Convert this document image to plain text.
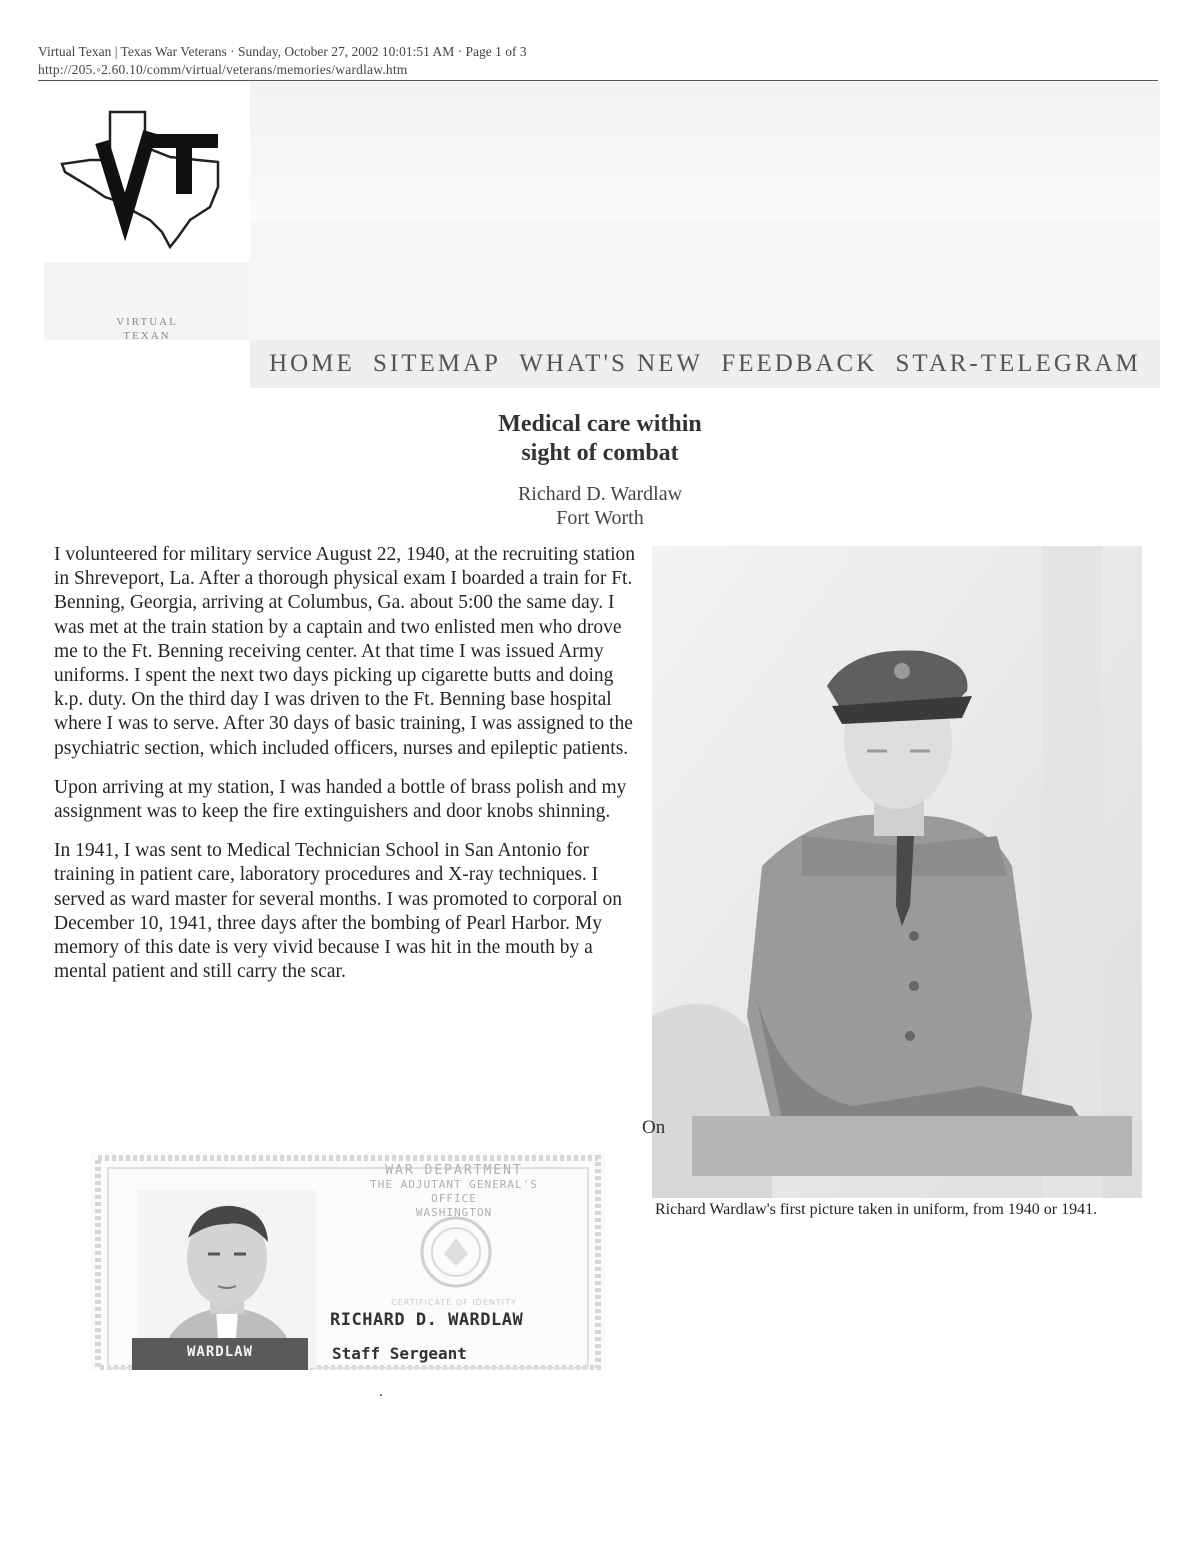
Virtual Texan | Texas War Veterans · Sunday, October 27, 2002 10:01:51 AM · Page 1 of 3
http://205.◦2.60.10/comm/virtual/veterans/memories/wardlaw.htm
VIRTUAL
TEXAN
HOME SITEMAP WHAT'S NEW FEEDBACK STAR-TELEGRAM
Medical care within
sight of combat
Richard D. Wardlaw
Fort Worth

I volunteered for military service August 22, 1940, at the recruiting station in Shreveport, La. After a thorough physical exam I boarded a train for Ft. Benning, Georgia, arriving at Columbus, Ga. about 5:00 the same day. I was met at the train station by a captain and two enlisted men who drove me to the Ft. Benning receiving center. At that time I was issued Army uniforms. I spent the next two days picking up cigarette butts and doing k.p. duty. On the third day I was driven to the Ft. Benning base hospital where I was to serve. After 30 days of basic training, I was assigned to the psychiatric section, which included officers, nurses and epileptic patients.

Upon arriving at my station, I was handed a bottle of brass polish and my assignment was to keep the fire extinguishers and door knobs shinning.

In 1941, I was sent to Medical Technician School in San Antonio for training in patient care, laboratory procedures and X-ray techniques. I served as ward master for several months. I was promoted to corporal on December 10, 1941, three days after the bombing of Pearl Harbor. My memory of this date is very vivid because I was hit in the mouth by a mental patient and still carry the scar.

On
Richard Wardlaw's first picture taken in uniform, from 1940 or 1941.
WARDLAW
WAR DEPARTMENT
THE ADJUTANT GENERAL'S OFFICE
WASHINGTON
CERTIFICATE OF IDENTITY
RICHARD D. WARDLAW
Staff Sergeant
